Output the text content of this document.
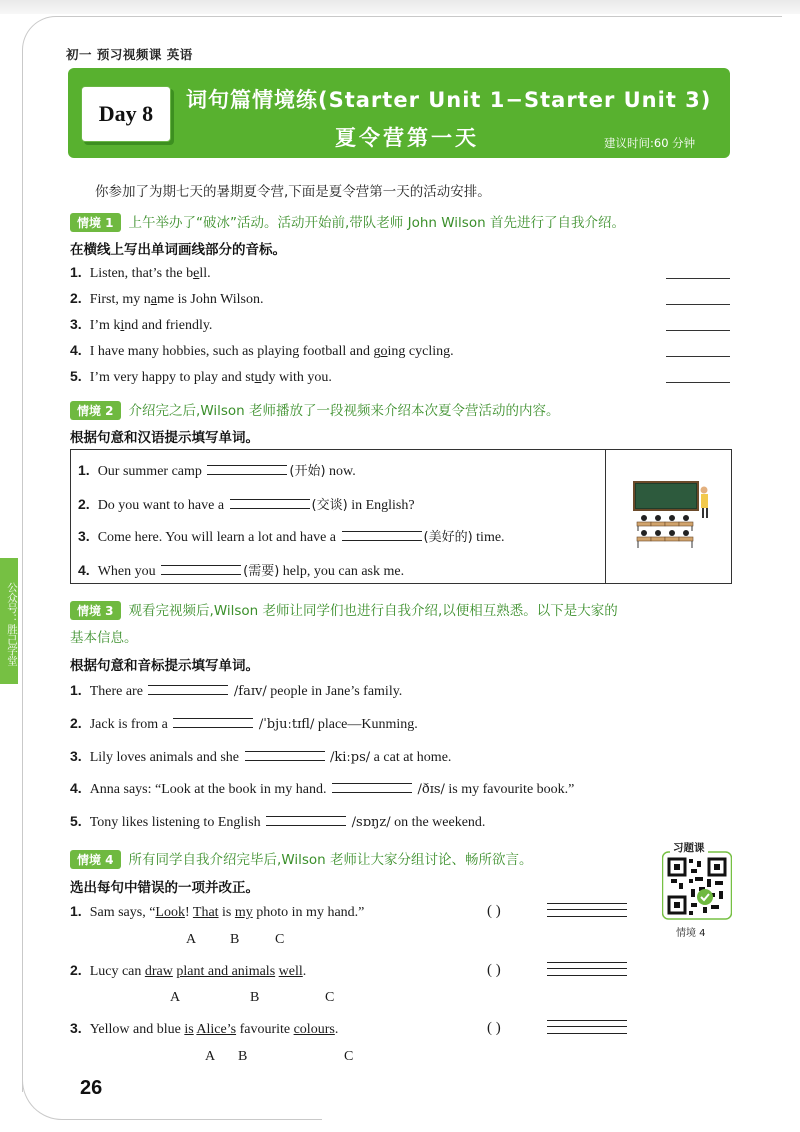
初一 预习视频课 英语
公众号：胜己学堂
Day 8
词句篇情境练(Starter Unit 1−Starter Unit 3)
夏令营第一天	建议时间:60 分钟
你参加了为期七天的暑期夏令营,下面是夏令营第一天的活动安排。
情境 1 上午举办了“破冰”活动。活动开始前,带队老师 John Wilson 首先进行了自我介绍。
在横线上写出单词画线部分的音标。
1. Listen, that’s the bell.
2. First, my name is John Wilson.
3. I’m kind and friendly.
4. I have many hobbies, such as playing football and going cycling.
5. I’m very happy to play and study with you.
情境 2 介绍完之后,Wilson 老师播放了一段视频来介绍本次夏令营活动的内容。
根据句意和汉语提示填写单词。
1. Our summer camp	(开始) now.
2. Do you want to have a	(交谈) in English?
3. Come here. You will learn a lot and have a	(美好的) time.
4. When you	(需要) help, you can ask me.
情境 3 观看完视频后,Wilson 老师让同学们也进行自我介绍,以便相互熟悉。以下是大家的
基本信息。
根据句意和音标提示填写单词。
1. There are	/faɪv/ people in Jane’s family.
2. Jack is from a	/ˈbjuːtɪfl/ place—Kunming.
3. Lily loves animals and she	/kiːps/ a cat at home.
4. Anna says: “Look at the book in my hand.	/ðɪs/ is my favourite book.”
5. Tony likes listening to English	/sɒŋz/ on the weekend.
情境 4 所有同学自我介绍完毕后,Wilson 老师让大家分组讨论、畅所欲言。
选出每句中错误的一项并改正。
习题课
情境 4
1. Sam says, “Look! That is my photo in my hand.”
A B	C
( )
2. Lucy can draw plant and animals well.
A	B	C
( )
3. Yellow and blue is Alice’s favourite colours.
A B	C
( )
26
